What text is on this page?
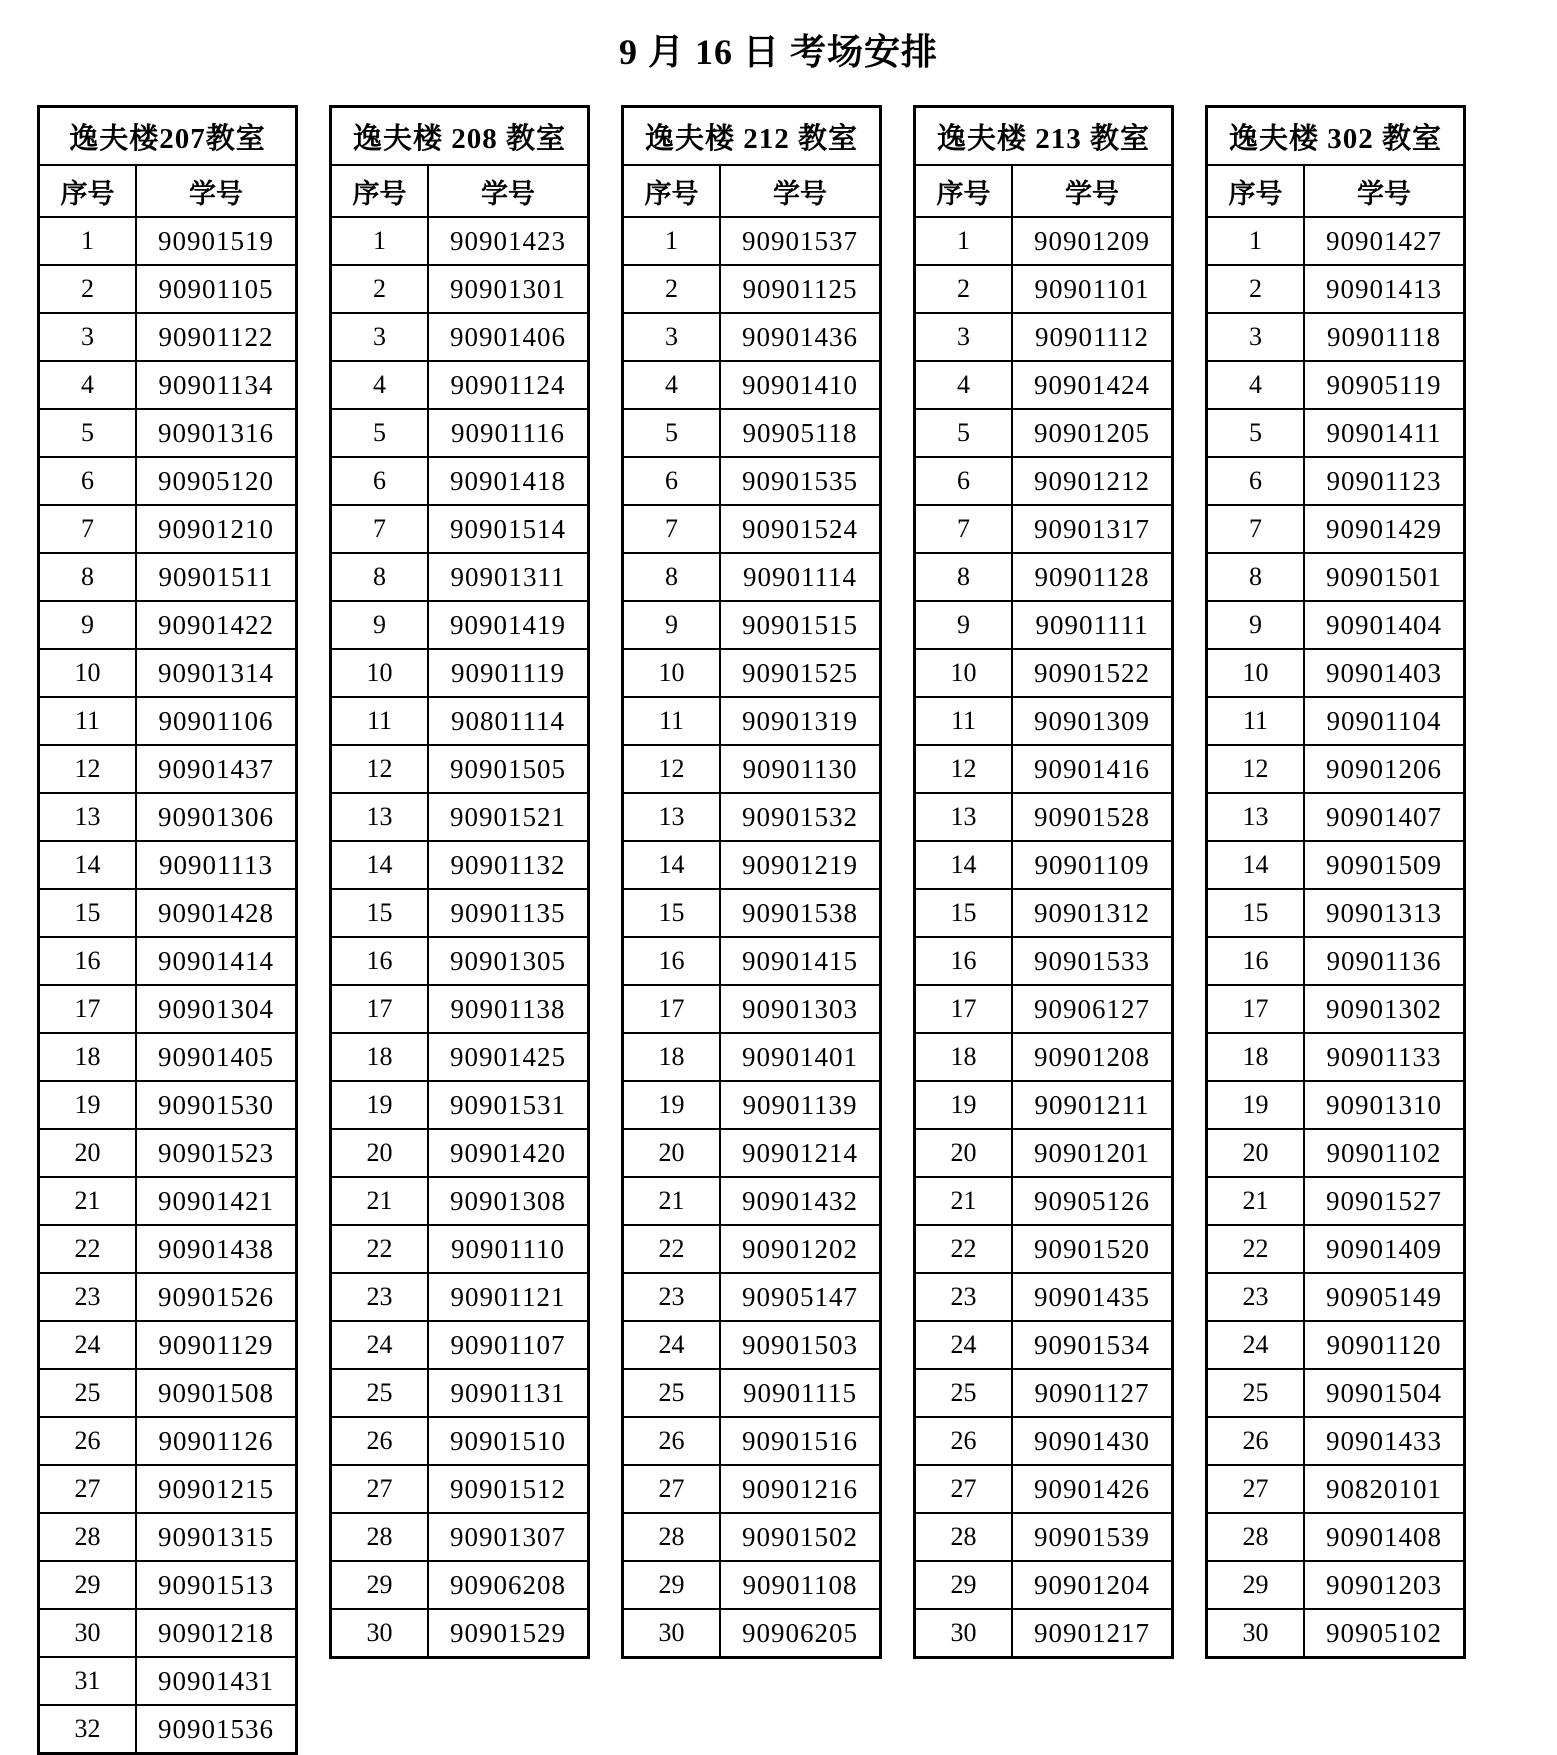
9 月 16 日 考场安排
逸夫楼207教室	
序号	学号
1	90901519
2	90901105
3	90901122
4	90901134
5	90901316
6	90905120
7	90901210
8	90901511
9	90901422
10	90901314
11	90901106
12	90901437
13	90901306
14	90901113
15	90901428
16	90901414
17	90901304
18	90901405
19	90901530
20	90901523
21	90901421
22	90901438
23	90901526
24	90901129
25	90901508
26	90901126
27	90901215
28	90901315
29	90901513
30	90901218
31	90901431
32	90901536
逸夫楼 208 教室	
序号	学号
1	90901423
2	90901301
3	90901406
4	90901124
5	90901116
6	90901418
7	90901514
8	90901311
9	90901419
10	90901119
11	90801114
12	90901505
13	90901521
14	90901132
15	90901135
16	90901305
17	90901138
18	90901425
19	90901531
20	90901420
21	90901308
22	90901110
23	90901121
24	90901107
25	90901131
26	90901510
27	90901512
28	90901307
29	90906208
30	90901529
逸夫楼 212 教室	
序号	学号
1	90901537
2	90901125
3	90901436
4	90901410
5	90905118
6	90901535
7	90901524
8	90901114
9	90901515
10	90901525
11	90901319
12	90901130
13	90901532
14	90901219
15	90901538
16	90901415
17	90901303
18	90901401
19	90901139
20	90901214
21	90901432
22	90901202
23	90905147
24	90901503
25	90901115
26	90901516
27	90901216
28	90901502
29	90901108
30	90906205
逸夫楼 213 教室	
序号	学号
1	90901209
2	90901101
3	90901112
4	90901424
5	90901205
6	90901212
7	90901317
8	90901128
9	90901111
10	90901522
11	90901309
12	90901416
13	90901528
14	90901109
15	90901312
16	90901533
17	90906127
18	90901208
19	90901211
20	90901201
21	90905126
22	90901520
23	90901435
24	90901534
25	90901127
26	90901430
27	90901426
28	90901539
29	90901204
30	90901217
逸夫楼 302 教室	
序号	学号
1	90901427
2	90901413
3	90901118
4	90905119
5	90901411
6	90901123
7	90901429
8	90901501
9	90901404
10	90901403
11	90901104
12	90901206
13	90901407
14	90901509
15	90901313
16	90901136
17	90901302
18	90901133
19	90901310
20	90901102
21	90901527
22	90901409
23	90905149
24	90901120
25	90901504
26	90901433
27	90820101
28	90901408
29	90901203
30	90905102
